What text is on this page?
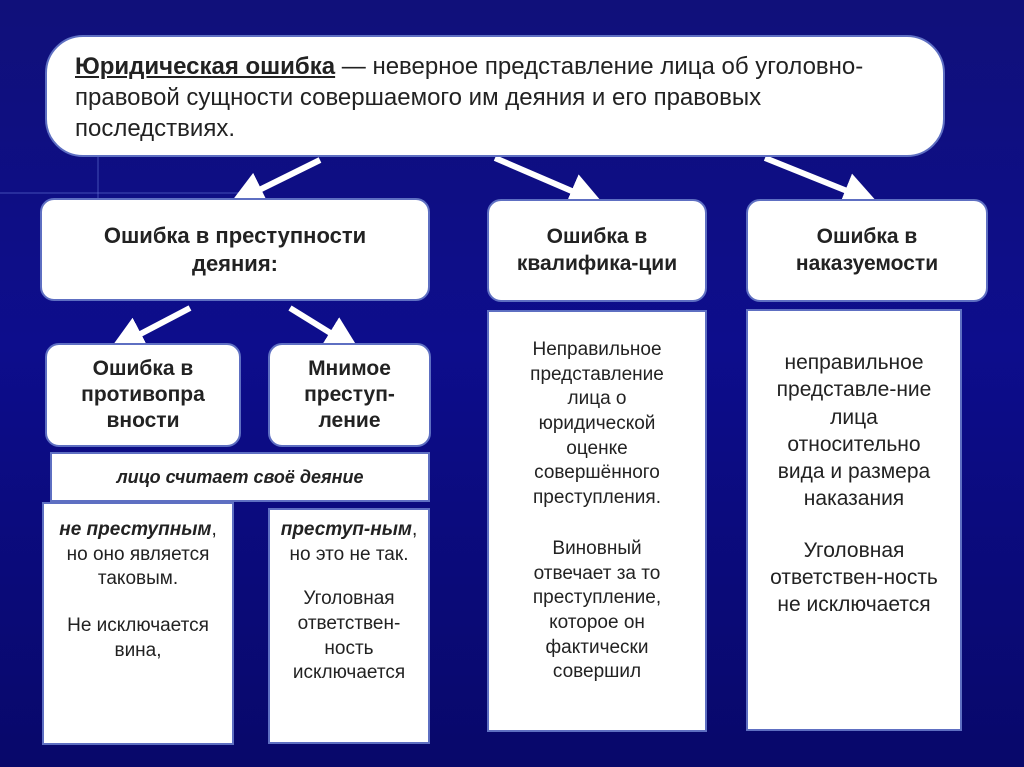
Юридическая ошибка — неверное представление лица об уголовно-правовой сущности совершаемого им деяния и его правовых последствиях.
Ошибка в преступности деяния:
Ошибка в квалифика-ции
Ошибка в наказуемости
Ошибка в противопра вности
Мнимое преступ-ление
лицо считает своё деяние
не преступным, но оно является таковым.
Не исключается вина,
преступ-ным, но это не так.
Уголовная ответствен-ность исключается
Неправильное представление лица о юридической оценке совершённого преступления.
Виновный отвечает за то преступление, которое он фактически совершил
неправильное представле-ние лица относительно вида и размера наказания
Уголовная ответствен-ность не исключается
